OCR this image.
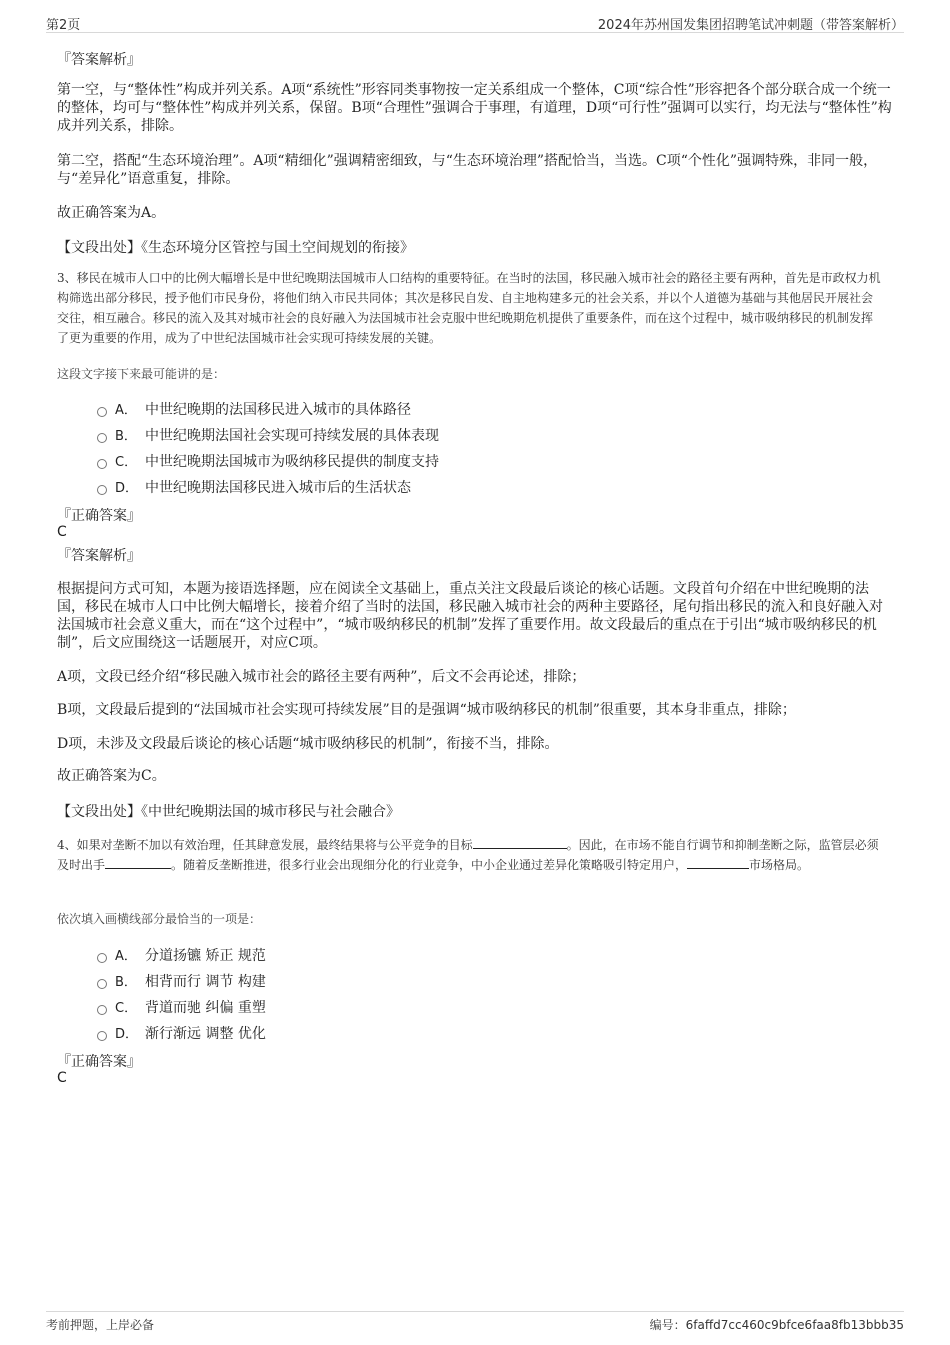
第2页	2024年苏州国发集团招聘笔试冲刺题（带答案解析）
『答案解析』
第一空，与“整体性”构成并列关系。A项“系统性”形容同类事物按一定关系组成一个整体，C项“综合性”形容把各个部分联合成一个统一的整体，均可与“整体性”构成并列关系，保留。B项“合理性”强调合于事理，有道理，D项“可行性”强调可以实行，均无法与“整体性”构成并列关系，排除。
第二空，搭配“生态环境治理”。A项“精细化”强调精密细致，与“生态环境治理”搭配恰当，当选。C项“个性化”强调特殊，非同一般，与“差异化”语意重复，排除。
故正确答案为A。
【文段出处】《生态环境分区管控与国土空间规划的衔接》
3、移民在城市人口中的比例大幅增长是中世纪晚期法国城市人口结构的重要特征。在当时的法国，移民融入城市社会的路径主要有两种，首先是市政权力机构筛选出部分移民，授予他们市民身份，将他们纳入市民共同体；其次是移民自发、自主地构建多元的社会关系，并以个人道德为基础与其他居民开展社会交往，相互融合。移民的流入及其对城市社会的良好融入为法国城市社会克服中世纪晚期危机提供了重要条件，而在这个过程中，城市吸纳移民的机制发挥了更为重要的作用，成为了中世纪法国城市社会实现可持续发展的关键。
这段文字接下来最可能讲的是：
A． 中世纪晚期的法国移民进入城市的具体路径
B． 中世纪晚期法国社会实现可持续发展的具体表现
C． 中世纪晚期法国城市为吸纳移民提供的制度支持
D． 中世纪晚期法国移民进入城市后的生活状态
『正确答案』
C
『答案解析』
根据提问方式可知，本题为接语选择题，应在阅读全文基础上，重点关注文段最后谈论的核心话题。文段首句介绍在中世纪晚期的法国，移民在城市人口中比例大幅增长，接着介绍了当时的法国，移民融入城市社会的两种主要路径，尾句指出移民的流入和良好融入对法国城市社会意义重大，而在“这个过程中”，“城市吸纳移民的机制”发挥了重要作用。故文段最后的重点在于引出“城市吸纳移民的机制”，后文应围绕这一话题展开，对应C项。
A项，文段已经介绍“移民融入城市社会的路径主要有两种”，后文不会再论述，排除；
B项，文段最后提到的“法国城市社会实现可持续发展”目的是强调“城市吸纳移民的机制”很重要，其本身非重点，排除；
D项，未涉及文段最后谈论的核心话题“城市吸纳移民的机制”，衔接不当，排除。
故正确答案为C。
【文段出处】《中世纪晚期法国的城市移民与社会融合》
4、如果对垄断不加以有效治理，任其肆意发展，最终结果将与公平竞争的目标	。因此，在市场不能自行调节和抑制垄断之际，监管层必须及时出手	。随着反垄断推进，很多行业会出现细分化的行业竞争，中小企业通过差异化策略吸引特定用户，	市场格局。
依次填入画横线部分最恰当的一项是：
A． 分道扬镳 矫正 规范
B． 相背而行 调节 构建
C． 背道而驰 纠偏 重塑
D． 渐行渐远 调整 优化
『正确答案』
C
考前押题，上岸必备	编号：6faffd7cc460c9bfce6faa8fb13bbb35
